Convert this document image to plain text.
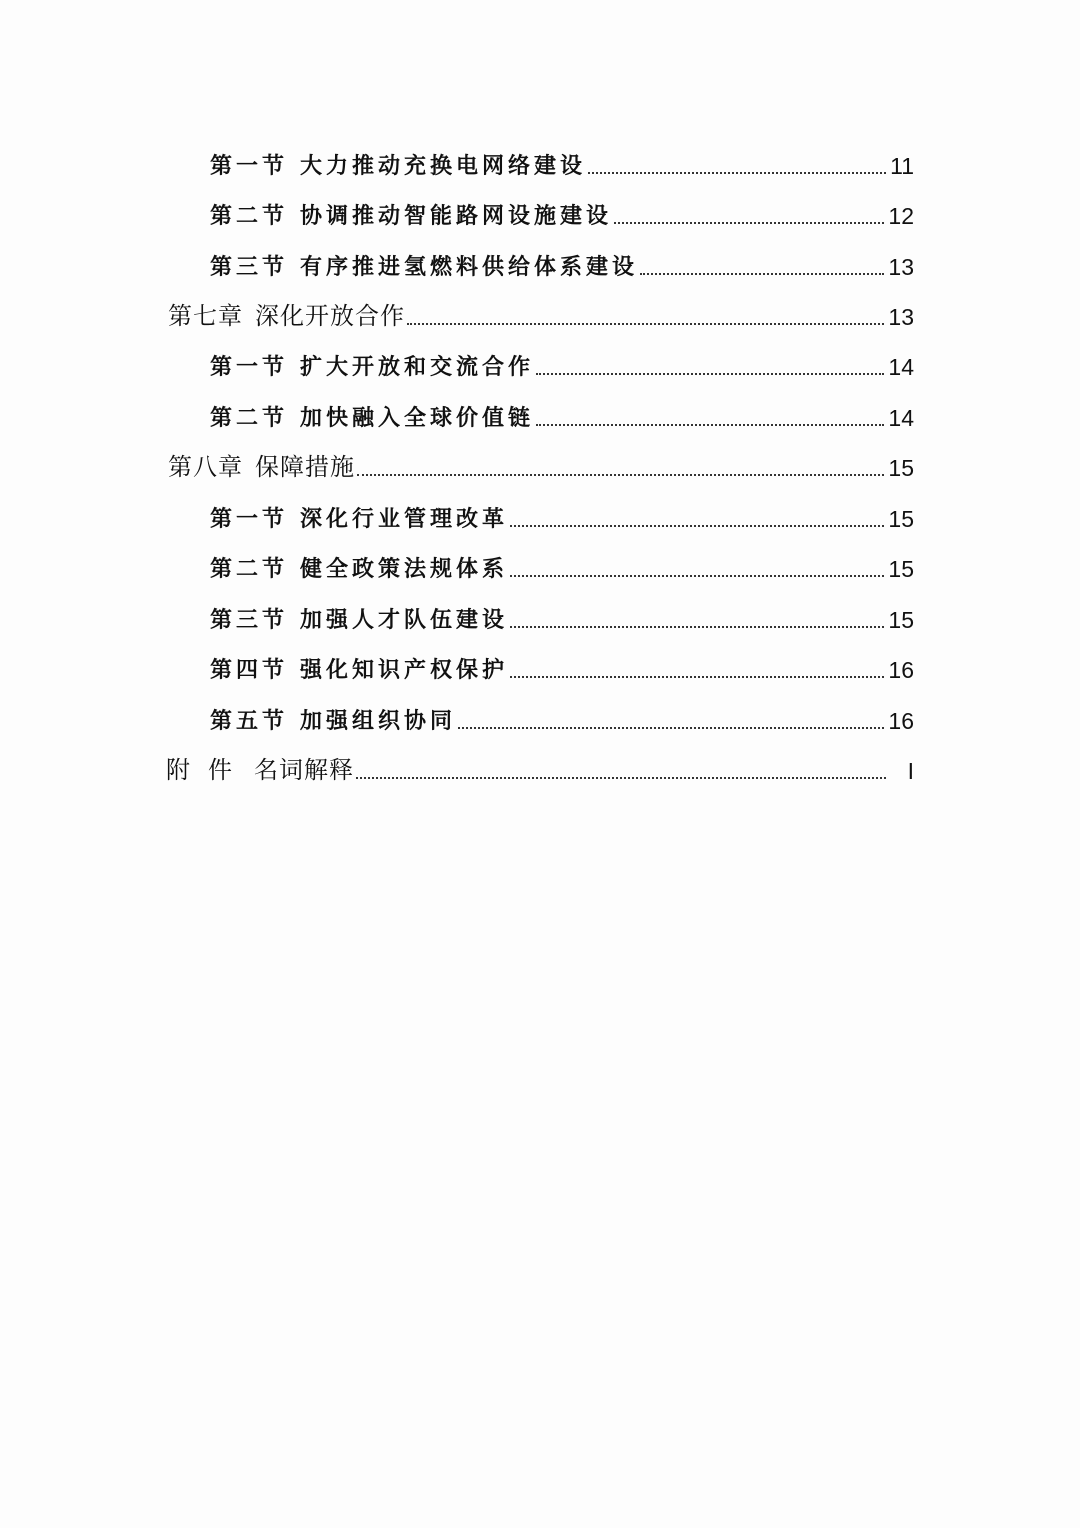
第一节 大力推动充换电网络建设	11
第二节 协调推动智能路网设施建设	12
第三节 有序推进氢燃料供给体系建设	13
第七章 深化开放合作	13
第一节 扩大开放和交流合作	14
第二节 加快融入全球价值链	14
第八章 保障措施	15
第一节 深化行业管理改革	15
第二节 健全政策法规体系	15
第三节 加强人才队伍建设	15
第四节 强化知识产权保护	16
第五节 加强组织协同	16
附件 名词解释	I
